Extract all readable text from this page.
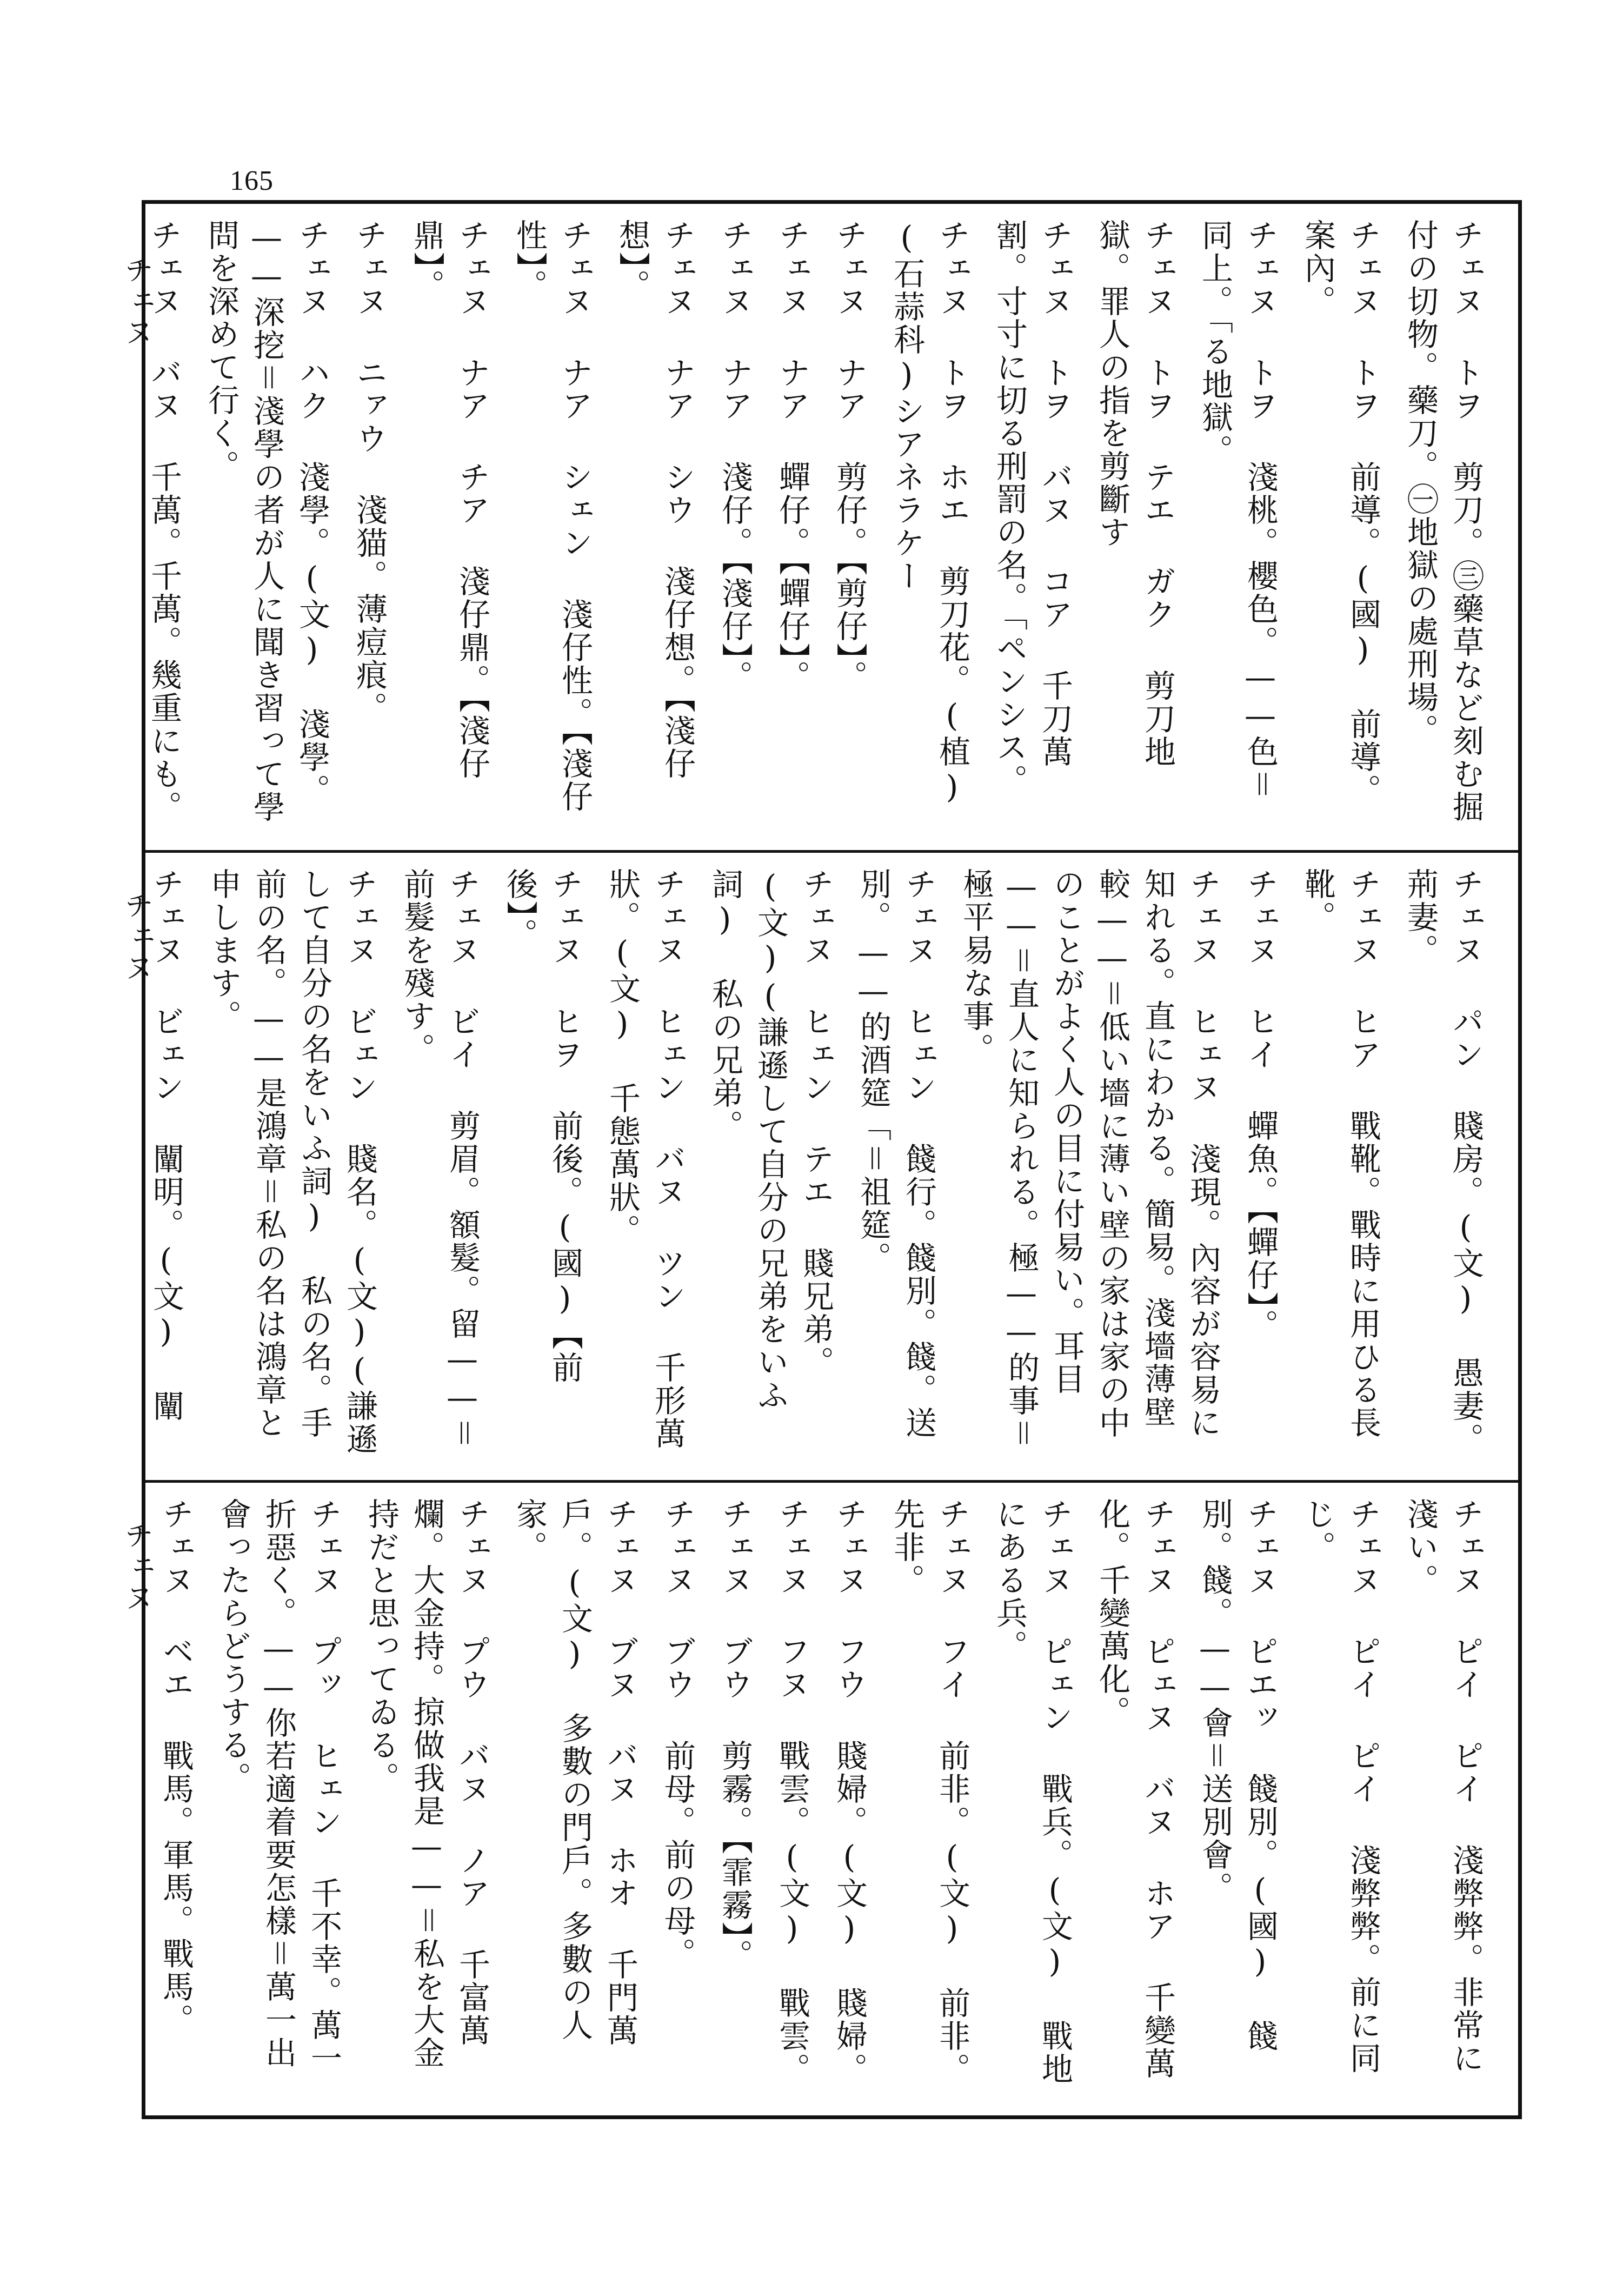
165
チェヌ
チェヌ
チェヌ
チェヌ トヲ 剪刀。㊂藥草など刻む掘付の切物。藥刀。㊀地獄の處刑場。
チェヌ トヲ 前導。(國) 前導。案內。
チェヌ トヲ 淺桃。櫻色。——色＝同上。「る地獄。
チェヌ トヲ テエ ガク 剪刀地獄。罪人の指を剪斷す
チェヌ トヲ バヌ コア 千刀萬割。寸寸に切る刑罰の名。「ペンシス。
チェヌ トヲ ホエ 剪刀花。(植)(石蒜科)シアネラケー
チェヌ ナア 剪仔。【剪仔】。
チェヌ ナア 蟬仔。【蟬仔】。
チェヌ ナア 淺仔。【淺仔】。
チェヌ ナア シウ 淺仔想。【淺仔想】。
チェヌ ナア シェン 淺仔性。【淺仔性】。
チェヌ ナア チア 淺仔鼎。【淺仔鼎】。
チェヌ ニァウ 淺猫。薄痘痕。
チェヌ ハク 淺學。(文) 淺學。——深挖＝淺學の者が人に聞き習って學問を深めて行く。
チェヌ バヌ 千萬。千萬。幾重にも。
チェヌ パン 賤房。(文) 愚妻。荊妻。
チェヌ ヒア 戰靴。戰時に用ひる長靴。
チェヌ ヒイ 蟬魚。【蟬仔】。
チェヌ ヒェヌ 淺現。內容が容易に知れる。直にわかる。簡易。淺墻薄壁較——＝低い墻に薄い壁の家は家の中のことがよく人の目に付易い。耳目——＝直人に知られる。極——的事＝極平易な事。
チェヌ ヒェン 餞行。餞別。餞。送別。——的酒筵「＝祖筵。
チェヌ ヒェン テエ 賤兄弟。(文)(謙遜して自分の兄弟をいふ詞) 私の兄弟。
チェヌ ヒェン バヌ ツン 千形萬狀。(文) 千態萬狀。
チェヌ ヒヲ 前後。(國)【前後】。
チェヌ ビイ 剪眉。額髮。留——＝前髮を殘す。
チェヌ ビェン 賤名。(文)(謙遜して自分の名をいふ詞) 私の名。手前の名。——是鴻章＝私の名は鴻章と申します。
チェヌ ビェン 闡明。(文) 闡
チェヌ ピイ ピイ 淺弊弊。非常に淺い。
チェヌ ピイ ピイ 淺弊弊。前に同じ。
チェヌ ピエッ 餞別。(國) 餞別。餞。——會＝送別會。
チェヌ ピェヌ バヌ ホア 千變萬化。千變萬化。
チェヌ ピェン 戰兵。(文) 戰地にある兵。
チェヌ フイ 前非。(文) 前非。先非。
チェヌ フウ 賤婦。(文) 賤婦。
チェヌ フヌ 戰雲。(文) 戰雲。
チェヌ ブウ 剪霧。【霏霧】。
チェヌ ブウ 前母。前の母。
チェヌ ブヌ バヌ ホオ 千門萬戶。(文) 多數の門戶。多數の人家。
チェヌ プウ バヌ ノア 千富萬爛。大金持。掠做我是——＝私を大金持だと思ってゐる。
チェヌ プッ ヒェン 千不幸。萬一折惡く。——你若適着要怎樣＝萬一出會ったらどうする。
チェヌ ベエ 戰馬。軍馬。戰馬。
